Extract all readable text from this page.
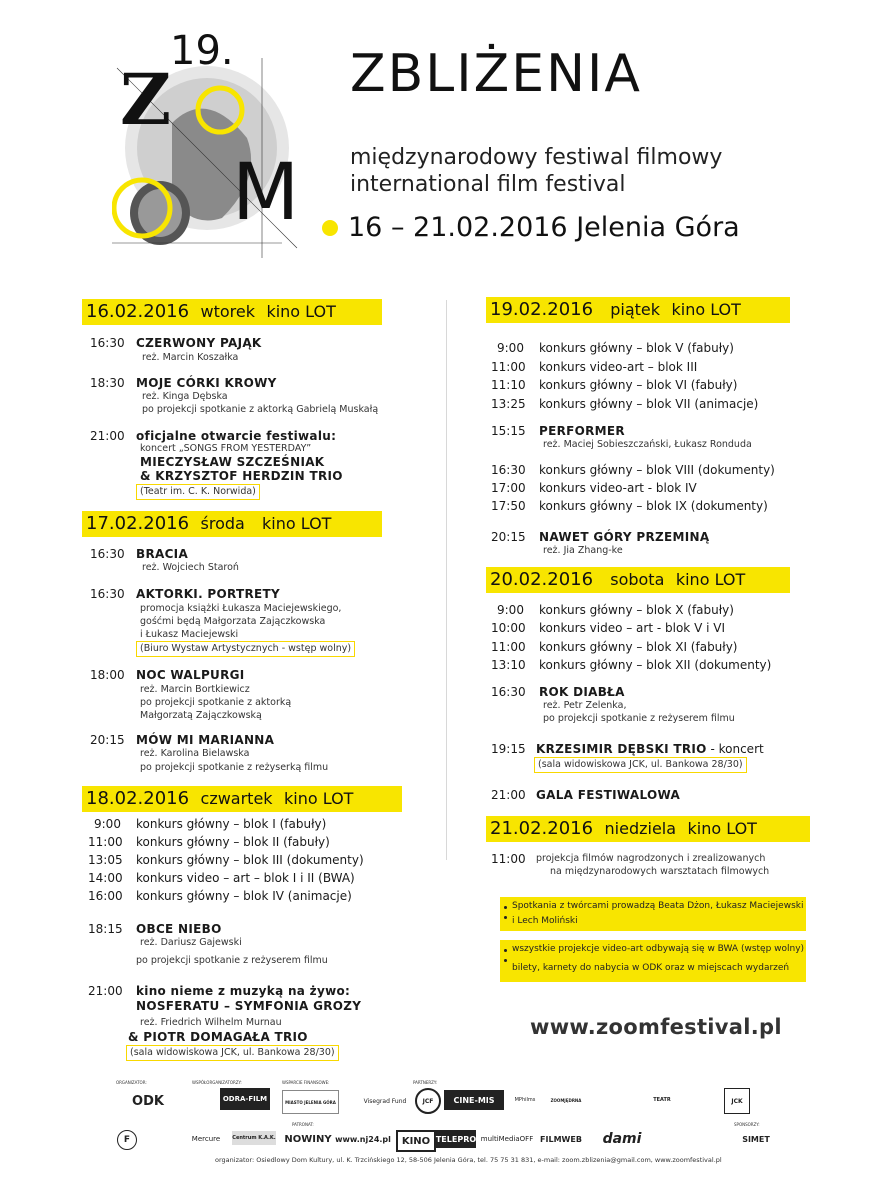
Z
19.
M
ZBLIŻENIA
międzynarodowy festiwal filmowy
international film festival
16 – 21.02.2016 Jelenia Góra
16.02.2016 wtorek kino LOT
16:30 CZERWONY PAJĄK
reż. Marcin Koszałka
18:30 MOJE CÓRKI KROWY
reż. Kinga Dębska
po projekcji spotkanie z aktorką Gabrielą Muskałą
21:00 oficjalne otwarcie festiwalu:
koncert „SONGS FROM YESTERDAY”
MIECZYSŁAW SZCZEŚNIAK
& KRZYSZTOF HERDZIN TRIO
(Teatr im. C. K. Norwida)
17.02.2016 środa kino LOT
16:30 BRACIA
reż. Wojciech Staroń
16:30 AKTORKI. PORTRETY
promocja książki Łukasza Maciejewskiego,
gośćmi będą Małgorzata Zajączkowska
i Łukasz Maciejewski
(Biuro Wystaw Artystycznych - wstęp wolny)
18:00 NOC WALPURGI
reż. Marcin Bortkiewicz
po projekcji spotkanie z aktorką
Małgorzatą Zajączkowską
20:15 MÓW MI MARIANNA
reż. Karolina Bielawska
po projekcji spotkanie z reżyserką filmu
18.02.2016 czwartek kino LOT
9:00 konkurs główny – blok I (fabuły)
11:00 konkurs główny – blok II (fabuły)
13:05 konkurs główny – blok III (dokumenty)
14:00 konkurs video – art – blok I i II (BWA)
16:00 konkurs główny – blok IV (animacje)
18:15 OBCE NIEBO
reż. Dariusz Gajewski
po projekcji spotkanie z reżyserem filmu
21:00 kino nieme z muzyką na żywo:
NOSFERATU – SYMFONIA GROZY
reż. Friedrich Wilhelm Murnau
& PIOTR DOMAGAŁA TRIO
(sala widowiskowa JCK, ul. Bankowa 28/30)
19.02.2016 piątek kino LOT
9:00 konkurs główny – blok V (fabuły)
11:00 konkurs video-art – blok III
11:10 konkurs główny – blok VI (fabuły)
13:25 konkurs główny – blok VII (animacje)
15:15 PERFORMER
reż. Maciej Sobieszczański, Łukasz Ronduda
16:30 konkurs główny – blok VIII (dokumenty)
17:00 konkurs video-art - blok IV
17:50 konkurs główny – blok IX (dokumenty)
20:15 NAWET GÓRY PRZEMINĄ
reż. Jia Zhang-ke
20.02.2016 sobota kino LOT
9:00 konkurs główny – blok X (fabuły)
10:00 konkurs video – art - blok V i VI
11:00 konkurs główny – blok XI (fabuły)
13:10 konkurs główny – blok XII (dokumenty)
16:30 ROK DIABŁA
reż. Petr Zelenka,
po projekcji spotkanie z reżyserem filmu
19:15 KRZESIMIR DĘBSKI TRIO - koncert
(sala widowiskowa JCK, ul. Bankowa 28/30)
21:00 GALA FESTIWALOWA
21.02.2016 niedziela kino LOT
11:00 projekcja filmów nagrodzonych i zrealizowanych
na międzynarodowych warsztatach filmowych
Spotkania z twórcami prowadzą Beata Dżon, Łukasz Maciejewski
i Lech Moliński
wszystkie projekcje video-art odbywają się w BWA (wstęp wolny)
bilety, karnety do nabycia w ODK oraz w miejscach wydarzeń
www.zoomfestival.pl
ORGANIZATOR:	WSPÓŁORGANIZATORZY:	WSPARCIE FINANSOWE:	PARTNERZY:
PATRONAT:	SPONSORZY:
ODK	ODRA-FILM	MIASTO JELENIA GÓRA	Visegrad Fund	JCF	CINE-MIS	MPhilms	ZOOMJĘDRNA	TEATR	JCK
F	Mercure	Centrum K.A.K. NOWINY www.nj24.pl	KINO TELEPRO multiMediaOFF FILMWEB dami	SIMET
organizator: Osiedlowy Dom Kultury, ul. K. Trzcińskiego 12, 58-506 Jelenia Góra, tel. 75 75 31 831, e-mail: zoom.zblizenia@gmail.com, www.zoomfestival.pl
